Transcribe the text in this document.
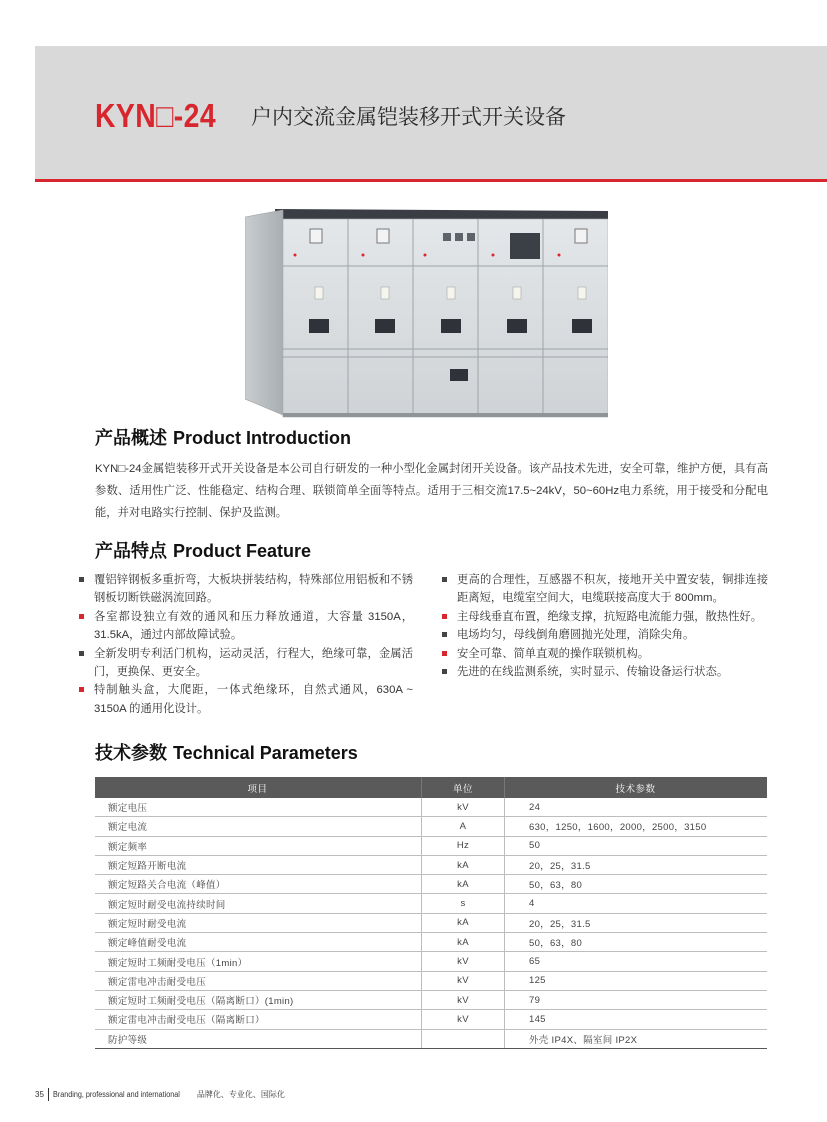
KYN□-24	户内交流金属铠装移开式开关设备
产品概述 Product Introduction
KYN□-24金属铠装移开式开关设备是本公司自行研发的一种小型化金属封闭开关设备。该产品技术先进，安全可靠，维护方便，具有高参数、适用性广泛、性能稳定、结构合理、联锁简单全面等特点。适用于三相交流17.5~24kV，50~60Hz电力系统，用于接受和分配电能，并对电路实行控制、保护及监测。
产品特点 Product Feature
覆铝锌钢板多重折弯，大板块拼装结构，特殊部位用铝板和不锈钢板切断铁磁涡流回路。
各室都设独立有效的通风和压力释放通道，大容量 3150A，31.5kA，通过内部故障试验。
全新发明专利活门机构，运动灵活，行程大，绝缘可靠，金属活门，更换保、更安全。
特制触头盒，大爬距，一体式绝缘环，自然式通风，630A ~ 3150A 的通用化设计。
更高的合理性，互感器不积灰，接地开关中置安装，铜排连接距离短，电缆室空间大，电缆联接高度大于 800mm。
主母线垂直布置，绝缘支撑，抗短路电流能力强，散热性好。
电场均匀，母线倒角磨圆抛光处理，消除尖角。
安全可靠、简单直观的操作联锁机构。
先进的在线监测系统，实时显示、传输设备运行状态。
技术参数 Technical Parameters
项目	单位	技术参数
额定电压	kV	24
额定电流	A	630，1250，1600，2000，2500，3150
额定频率	Hz	50
额定短路开断电流	kA	20，25，31.5
额定短路关合电流（峰值）	kA	50，63，80
额定短时耐受电流持续时间	s	4
额定短时耐受电流	kA	20，25，31.5
额定峰值耐受电流	kA	50，63，80
额定短时工频耐受电压（1min）	kV	65
额定雷电冲击耐受电压	kV	125
额定短时工频耐受电压（隔离断口）(1min)	kV	79
额定雷电冲击耐受电压（隔离断口）	kV	145
防护等级		外壳 IP4X、隔室间 IP2X
35 Branding, professional and international 品牌化、专业化、国际化
